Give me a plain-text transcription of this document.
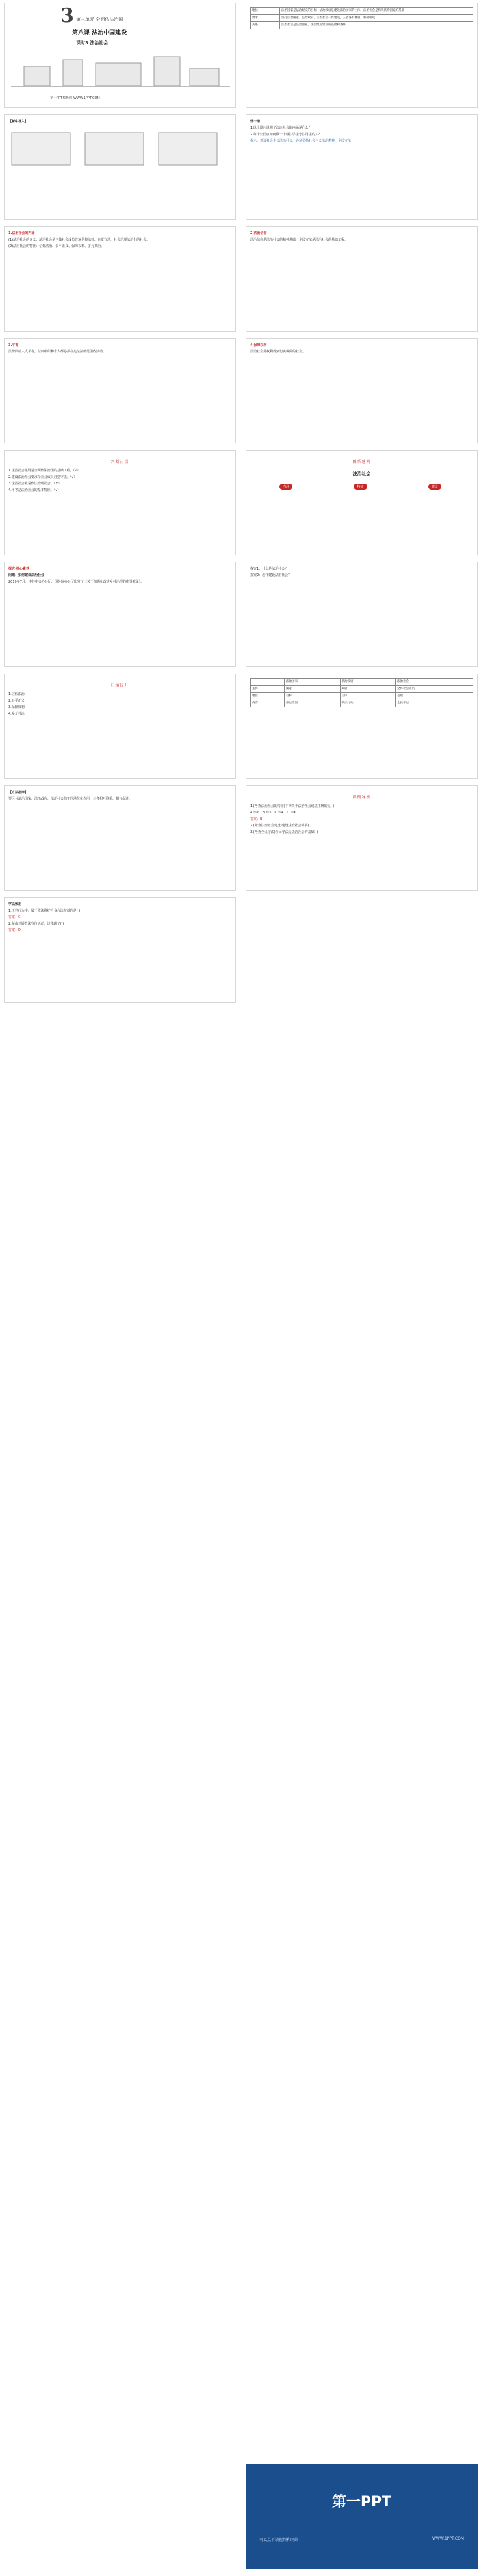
3 第三单元 全面依法治国
第八课 法治中国建设
课时3 法治社会
第一PPT模板网-WWW.1PPT.COM
地位	法治国家是法治建设的目标，法治政府是建设法治国家的主体，法治社会是构筑法治国家的基础
要求	坚持法治国家、法治政府、法治社会一体建设，三者各有侧重、相辅相成
关系	法治社会是法治国家、法治政府建设的基础和条件
【新中导入】	情一情
1.以上图片说明了法治社会的内涵是什么？
2.每个公民应如何做一个尊法学法守法用法的人？
提示：建设社会主义法治社会，必须弘扬社会主义法治精神，全民守法
1.法治社会的内涵
(1)法治社会的含义：法治社会是全体社会成员普遍信仰法律、自觉守法，社会治理法治化的社会。
(2)法治社会的特征：信仰法治、公平正义、保障权利、多元共治。
2.法治信仰
法治信仰是法治社会的精神基础，全民守法是法治社会的基础工程。
3.平等
法律面前人人平等，任何组织和个人都必须在宪法法律范围内活动。
4.保障权利
法治社会是权利得到切实保障的社会。
判断正误
1.法治社会建设是全面依法治国的基础工程。（√）
2.建设法治社会要求全社会成员自觉守法。（√）
3.法治社会就是依法治理社会。（×）
4.平等是法治社会的基本特征。（√）
体系建构
法治社会
内涵	特征	建设
探究·核心素养
问题：如何建设法治社会
2019年7月，中共中央办公厅、国务院办公厅印发了《关于加强和改进乡村治理的指导意见》。
探究1：什么是法治社会？
探究2：怎样建设法治社会？
归纳提升
1.信仰法治
2.公平正义
3.保障权利
4.多元共治
	法治国家	法治政府	法治社会
主体	国家	政府	全体社会成员
地位	目标	主体	基础
内容	依法治国	依法行政	全民守法
【方法指津】
要区分法治国家、法治政府、法治社会的不同地位和作用，三者相互联系、相互促进。	典例导析
1.(考查法治社会的特征)下列关于法治社会说法正确的是( )
A.①② B.①③ C.②④ D.③④
答案：B
2.(考查法治社会建设)建设法治社会需要( )
3.(考查全民守法)全民守法是法治社会的基础( )
学以致用
1.下列行为中，属于依法维护自身合法权益的是( )
答案：C
2.某市开展普法宣传活动，这体现了( )
答案：D
第一PPT
可以点下载视频和网站	WWW.1PPT.COM
